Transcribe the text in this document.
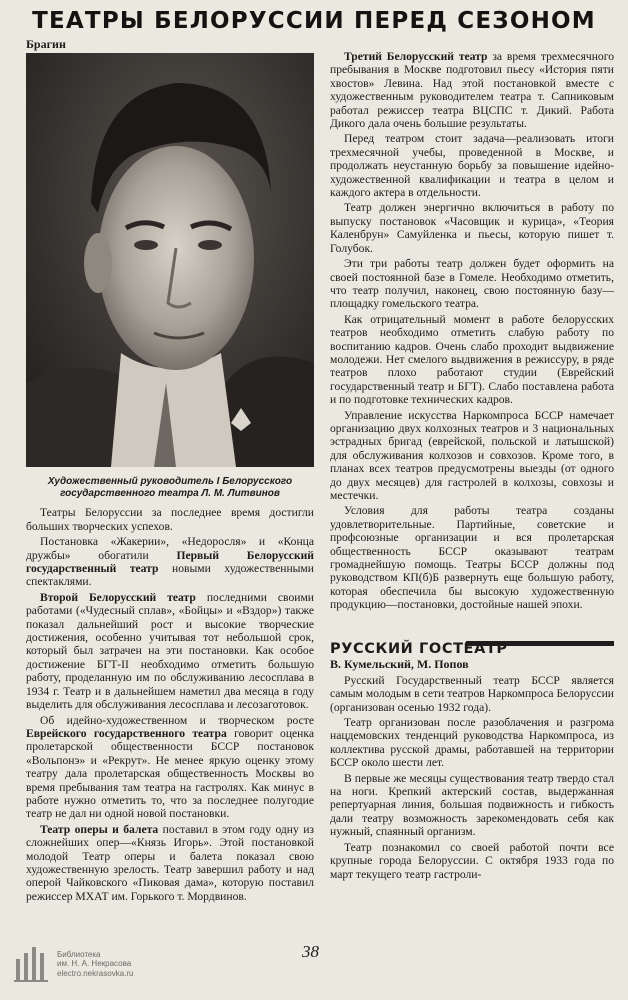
ТЕАТРЫ БЕЛОРУССИИ ПЕРЕД СЕЗОНОМ

Брагин

Художественный руководитель I Белорусского государственного театра Л. М. Литвинов

Театры Белоруссии за последнее время достигли больших творческих успехов.

Постановка «Жакерии», «Недоросля» и «Конца дружбы» обогатили Первый Белорусский государственный театр новыми художественными спектаклями.

Второй Белорусский театр последними своими работами («Чудесный сплав», «Бойцы» и «Вздор») также показал дальнейший рост и высокие творческие достижения, особенно учитывая тот небольшой срок, который был затрачен на эти постановки. Как особое достижение БГТ-II необходимо отметить большую работу, проделанную им по обслуживанию лесосплава в 1934 г. Театр и в дальнейшем наметил два месяца в году выделить для обслуживания лесосплава и лесозаготовок.

Об идейно-художественном и творческом росте Еврейского государственного театра говорит оценка пролетарской общественности БССР постановок «Вольпонэ» и «Рекрут». Не менее яркую оценку этому театру дала пролетарская общественность Москвы во время пребывания там театра на гастролях. Как минус в работе нужно отметить то, что за последнее полугодие театр не дал ни одной новой постановки.

Театр оперы и балета поставил в этом году одну из сложнейших опер—«Князь Игорь». Этой постановкой молодой Театр оперы и балета показал свою художественную зрелость. Театр завершил работу и над оперой Чайковского «Пиковая дама», которую поставил режиссер МХАТ им. Горького т. Мордвинов.

Третий Белорусский театр за время трехмесячного пребывания в Москве подготовил пьесу «История пяти хвостов» Левина. Над этой постановкой вместе с художественным руководителем театра т. Сапниковым работал режиссер театра ВЦСПС т. Дикий. Работа Дикого дала очень большие результаты.

Перед театром стоит задача—реализовать итоги трехмесячной учебы, проведенной в Москве, и продолжать неустанную борьбу за повышение идейно-художественной квалификации и театра в целом и каждого актера в отдельности.

Театр должен энергично включиться в работу по выпуску постановок «Часовщик и курица», «Теория Каленбрун» Самуйленка и пьесы, которую пишет т. Голубок.

Эти три работы театр должен будет оформить на своей постоянной базе в Гомеле. Необходимо отметить, что театр получил, наконец, свою постоянную базу—площадку гомельского театра.

Как отрицательный момент в работе белорусских театров необходимо отметить слабую работу по воспитанию кадров. Очень слабо проходит выдвижение молодежи. Нет смелого выдвижения в режиссуру, в ряде театров плохо работают студии (Еврейский государственный театр и БГТ). Слабо поставлена работа и по подготовке технических кадров.

Управление искусства Наркомпроса БССР намечает организацию двух колхозных театров и 3 национальных эстрадных бригад (еврейской, польской и латышской) для обслуживания колхозов и совхозов. Кроме того, в планах всех театров предусмотрены выезды (от одного до двух месяцев) для гастролей в колхозы, совхозы и местечки.

Условия для работы театра созданы удовлетворительные. Партийные, советские и профсоюзные организации и вся пролетарская общественность БССР оказывают театрам громаднейшую помощь. Театры БССР должны под руководством КП(б)Б развернуть еще большую работу, которая обеспечила бы высокую художественную продукцию—постановки, достойные нашей эпохи.

РУССКИЙ ГОСТЕАТР

В. Кумельский, М. Попов

Русский Государственный театр БССР является самым молодым в сети театров Наркомпроса Белоруссии (организован осенью 1932 года).

Театр организован после разоблачения и разгрома нацдемовских тенденций руководства Наркомпроса, из коллектива русской драмы, работавшей на территории БССР около шести лет.

В первые же месяцы существования театр твердо стал на ноги. Крепкий актерский состав, выдержанная репертуарная линия, большая подвижность и гибкость дали театру возможность зарекомендовать себя как нужный, спаянный организм.

Театр познакомил со своей работой почти все крупные города Белоруссии. С октября 1933 года по март текущего театр гастроли-

38
Библиотека
им. Н. А. Некрасова
electro.nekrasovka.ru
